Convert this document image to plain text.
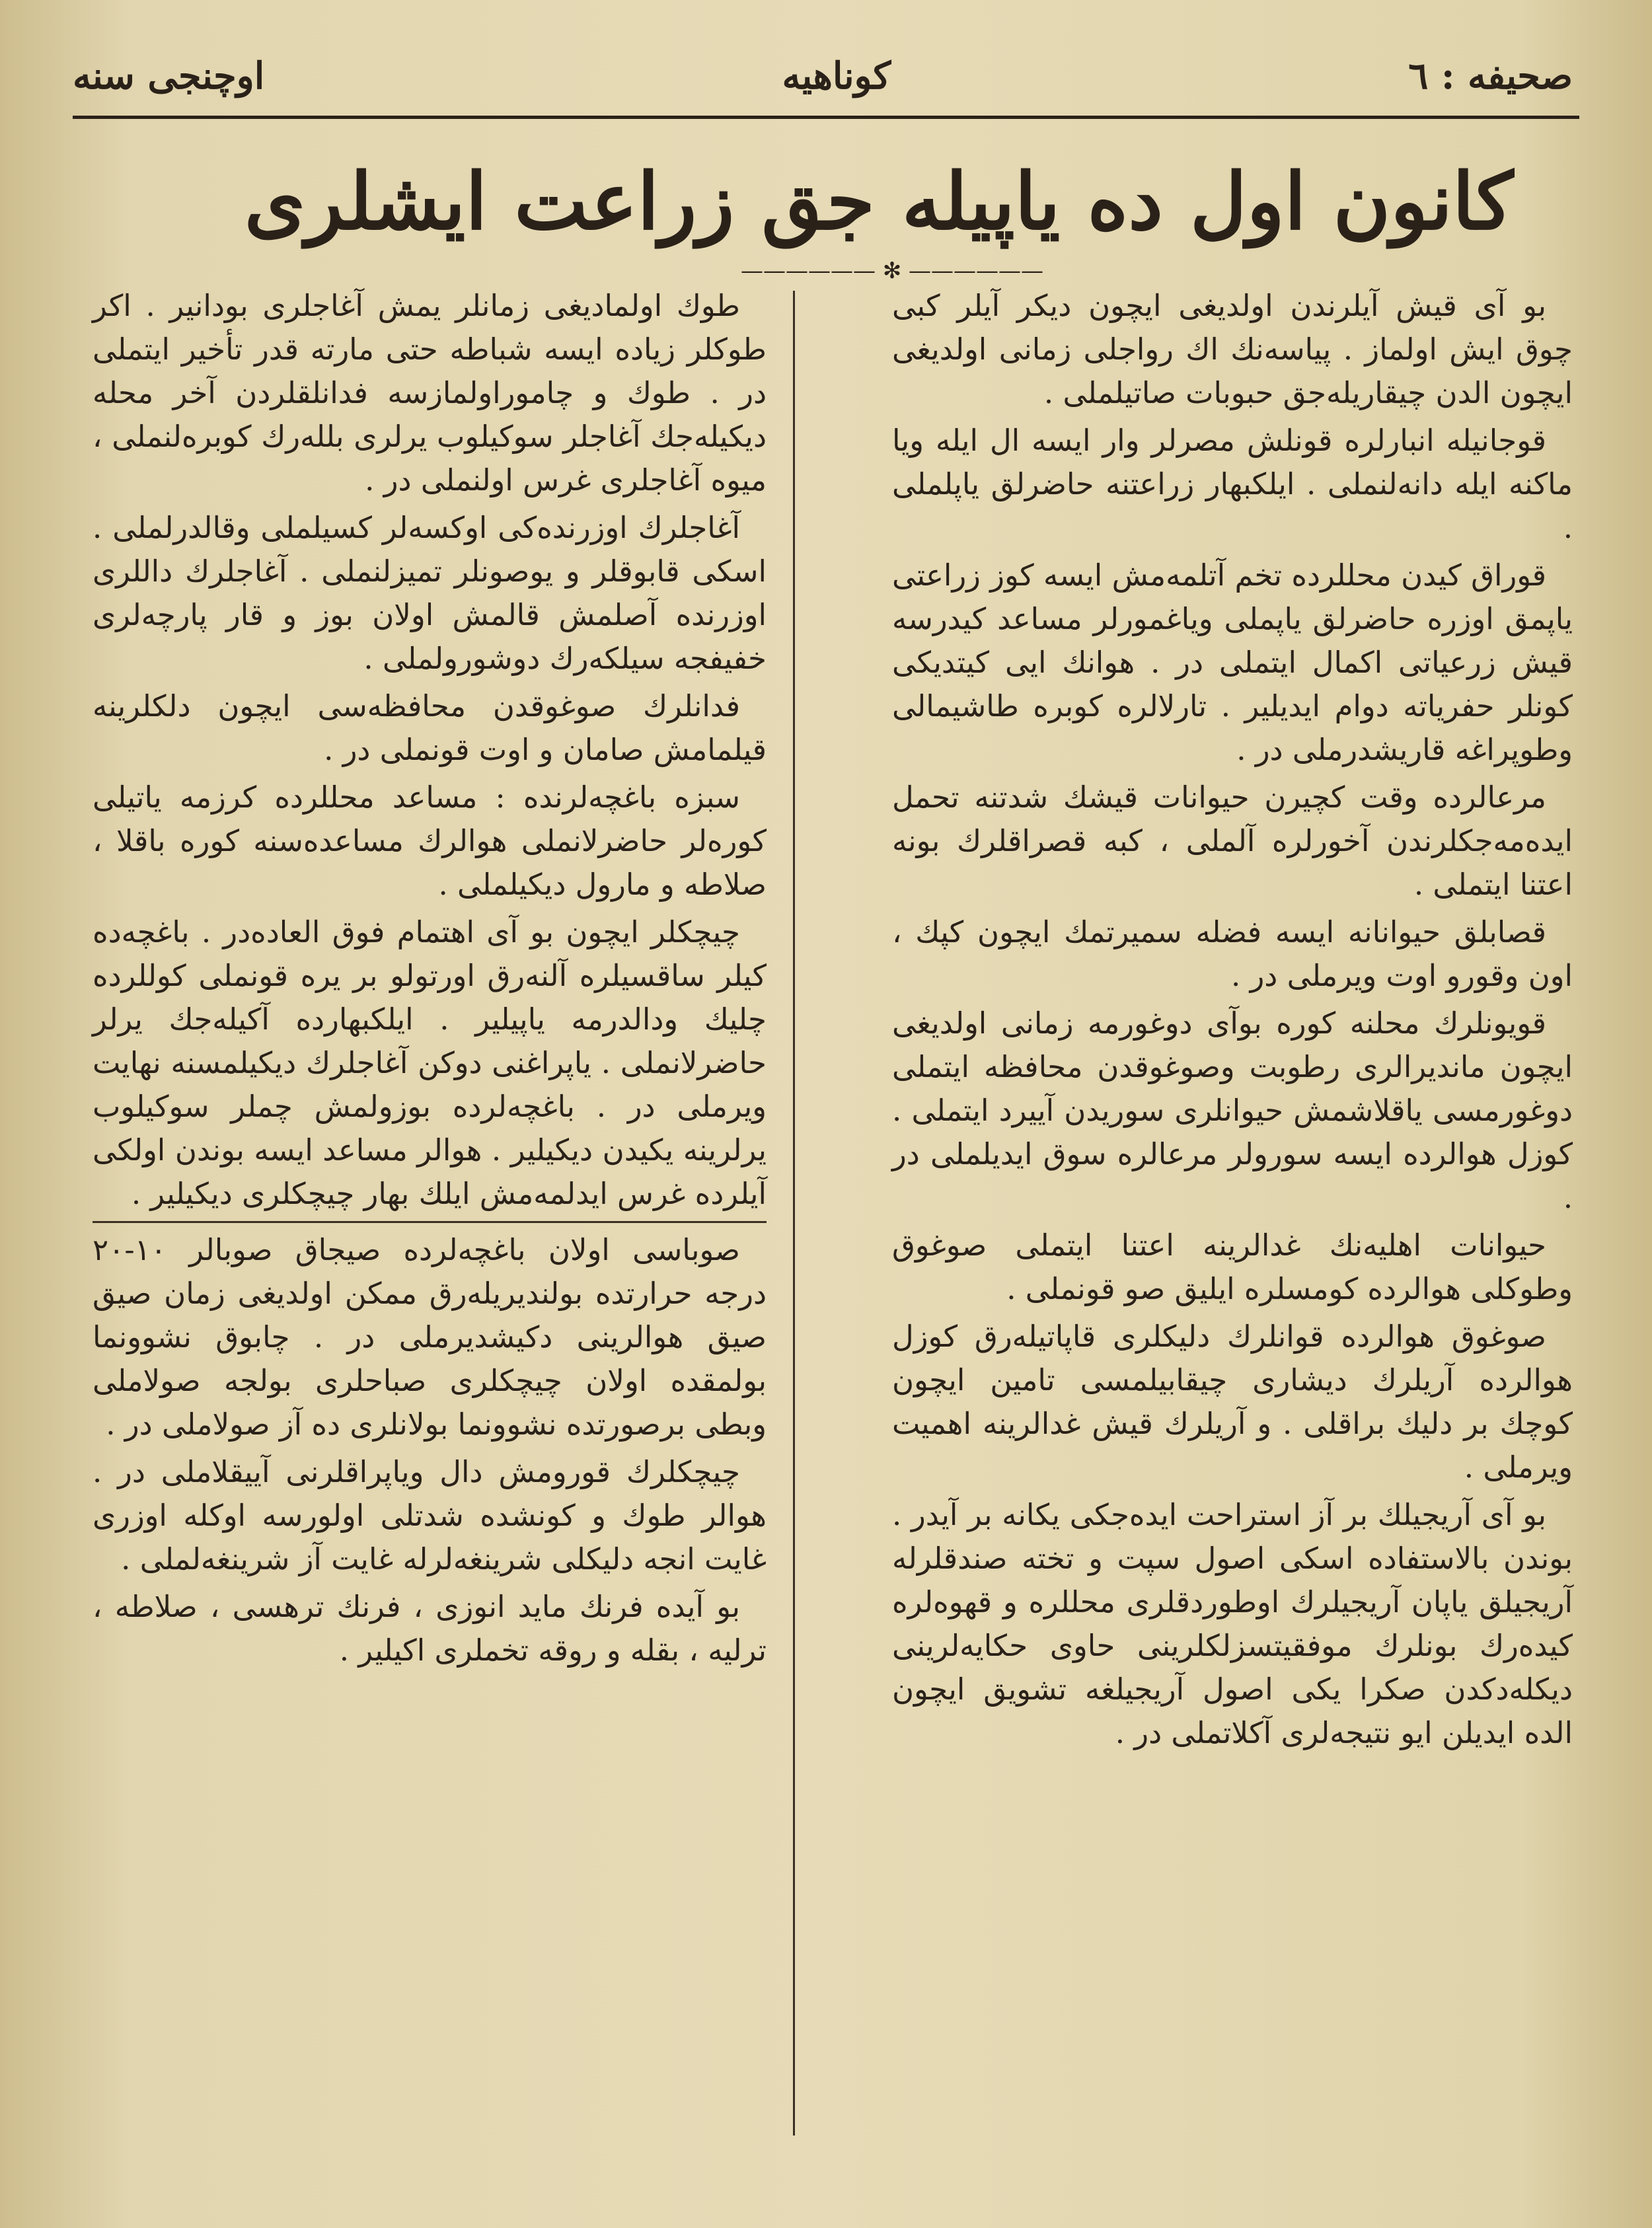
صحیفه : ٦
کوناهیه
اوچنجی سنه
کانون اول ده یاپیله جق زراعت ایشلری
—————— ✻ ——————

بو آی قیش آیلرندن اولدیغی ایچون دیکر آیلر کبی چوق ایش اولماز . پیاسه‌نك اك رواجلی زمانی اولدیغی ایچون الدن چیقاریله‌جق حبوبات صاتیلملی .

قوجانیله انبارلره قونلش مصرلر وار ایسه ال ایله ویا ماکنه ایله دانه‌لنملی . ایلکبهار زراعتنه حاضرلق یاپلملی .

قوراق کیدن محللرده تخم آتلمه‌مش ایسه کوز زراعتی یاپمق اوزره حاضرلق یاپملی ویاغمورلر مساعد کیدرسه قیش زرعیاتی اکمال ایتملی در . هوانك ایی کیتدیکی کونلر حفریاته دوام ایدیلیر . تارلالره کوبره طاشیمالی وطوپراغه قاریشدرملی در .

مرعالرده وقت کچیرن حیوانات قیشك شدتنه تحمل ایده‌مه‌جکلرندن آخورلره آلملی ، کبه قصراقلرك بونه اعتنا ایتملی .

قصابلق حیوانانه ایسه فضله سمیرتمك ایچون کپك ، اون وقورو اوت ویرملی در .

قویونلرك محلنه کوره بوآی دوغورمه زمانی اولدیغی ایچون ماندیرالری رطوبت وصوغوقدن محافظه ایتملی دوغورمسی یاقلاشمش حیوانلری سوریدن آییرد ایتملی . کوزل هوالرده ایسه سورولر مرعالره سوق ایدیلملی در .

حیوانات اهلیه‌نك غدالرینه اعتنا ایتملی صوغوق وطوکلی هوالرده کومسلره ایلیق صو قونملی .

صوغوق هوالرده قوانلرك دلیکلری قاپاتیله‌رق کوزل هوالرده آریلرك دیشاری چیقابیلمسی تامین ایچون کوچك بر دلیك براقلی . و آریلرك قیش غدالرینه اهمیت ویرملی .

بو آی آریجیلك بر آز استراحت ایده‌جکی یکانه بر آیدر . بوندن بالاستفاده اسکی اصول سپت و تخته صندقلرله آریجیلق یاپان آریجیلرك اوطوردقلری محللره و قهوه‌لره کیده‌رك بونلرك موفقیتسزلکلرینی حاوی حکایه‌لرینی دیکله‌دکدن صکرا یکی اصول آریجیلغه تشویق ایچون الده ایدیلن ایو نتیجه‌لری آکلاتملی در .

طوك اولمادیغی زمانلر یمش آغاجلری بودانیر . اکر طوکلر زیاده ایسه شباطه حتی مارته قدر تأخیر ایتملی در . طوك و چاموراولمازسه فدانلقلردن آخر محله دیکیله‌جك آغاجلر سوکیلوب یرلری بلله‌رك کوبره‌لنملی ، میوه آغاجلری غرس اولنملی در .

آغاجلرك اوزرنده‌کی اوکسه‌لر کسیلملی وقالدرلملی . اسکی قابوقلر و یوصونلر تمیزلنملی . آغاجلرك داللری اوزرنده آصلمش قالمش اولان بوز و قار پارچه‌لری خفیفجه سیلکه‌رك دوشورولملی .

فدانلرك صوغوقدن محافظه‌سی ایچون دلکلرینه قیلمامش صامان و اوت قونملی در .

سبزه باغچه‌لرنده : مساعد محللرده کرزمه یاتیلی کوره‌لر حاضرلانملی هوالرك مساعده‌سنه کوره باقلا ، صلاطه و مارول دیکیلملی .

چیچکلر ایچون بو آی اهتمام فوق العاده‌در . باغچه‌ده کیلر ساقسیلره آلنه‌رق اورتولو بر یره قونملی کوللرده چلیك ودالدرمه یاپیلیر . ایلکبهارده آکیله‌جك یرلر حاضرلانملی . یاپراغنی دوکن آغاجلرك دیکیلمسنه نهایت ویرملی در . باغچه‌لرده بوزولمش چملر سوکیلوب یرلرینه یکیدن دیکیلیر . هوالر مساعد ایسه بوندن اولکی آیلرده غرس ایدلمه‌مش ایلك بهار چیچکلری دیکیلیر .

صوباسی اولان باغچه‌لرده صیجاق صوبالر ١٠-٢٠ درجه حرارتده بولندیریله‌رق ممکن اولدیغی زمان صیق صیق هوالرینی دکیشدیرملی در . چابوق نشوونما بولمقده اولان چیچکلری صباحلری بولجه صولاملی وبطی برصورتده نشوونما بولانلری ده آز صولاملی در .

چیچکلرك قورومش دال ویاپراقلرنی آییقلاملی در . هوالر طوك و کونشده شدتلی اولورسه اوکله اوزری غایت انجه دلیکلی شرینغه‌لرله غایت آز شرینغه‌لملی .

بو آیده فرنك ماید انوزی ، فرنك ترهسی ، صلاطه ، ترلیه ، بقله و روقه تخملری اکیلیر .
